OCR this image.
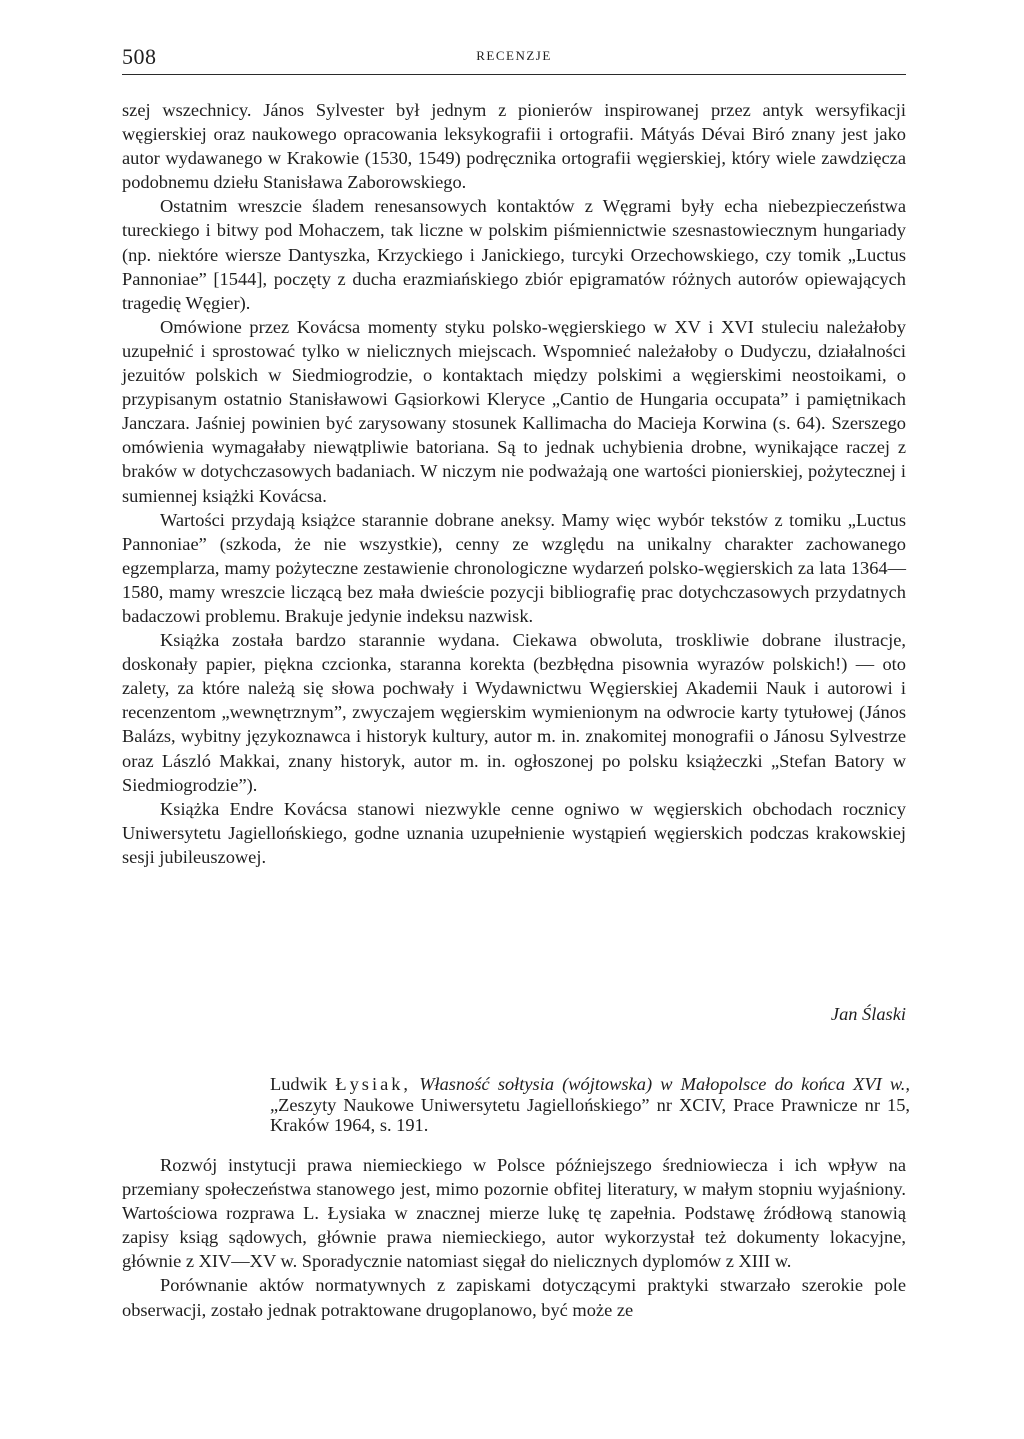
508	RECENZJE

szej wszechnicy. János Sylvester był jednym z pionierów inspirowanej przez antyk wersyfikacji węgierskiej oraz naukowego opracowania leksykografii i ortografii. Mátyás Dévai Biró znany jest jako autor wydawanego w Krakowie (1530, 1549) podręcznika ortografii węgierskiej, który wiele zawdzięcza podobnemu dziełu Stanisława Zaborowskiego.

Ostatnim wreszcie śladem renesansowych kontaktów z Węgrami były echa niebezpieczeństwa tureckiego i bitwy pod Mohaczem, tak liczne w polskim piśmiennictwie szesnastowiecznym hungariady (np. niektóre wiersze Dantyszka, Krzyckiego i Janickiego, turcyki Orzechowskiego, czy tomik „Luctus Pannoniae” [1544], poczęty z ducha erazmiańskiego zbiór epigramatów różnych autorów opiewających tragedię Węgier).

Omówione przez Kovácsa momenty styku polsko-węgierskiego w XV i XVI stuleciu należałoby uzupełnić i sprostować tylko w nielicznych miejscach. Wspomnieć należałoby o Dudyczu, działalności jezuitów polskich w Siedmiogrodzie, o kontaktach między polskimi a węgierskimi neostoikami, o przypisanym ostatnio Stanisławowi Gąsiorkowi Kleryce „Cantio de Hungaria occupata” i pamiętnikach Janczara. Jaśniej powinien być zarysowany stosunek Kallimacha do Macieja Korwina (s. 64). Szerszego omówienia wymagałaby niewątpliwie batoriana. Są to jednak uchybienia drobne, wynikające raczej z braków w dotychczasowych badaniach. W niczym nie podważają one wartości pionierskiej, pożytecznej i sumiennej książki Kovácsa.

Wartości przydają książce starannie dobrane aneksy. Mamy więc wybór tekstów z tomiku „Luctus Pannoniae” (szkoda, że nie wszystkie), cenny ze względu na unikalny charakter zachowanego egzemplarza, mamy pożyteczne zestawienie chronologiczne wydarzeń polsko-węgierskich za lata 1364—1580, mamy wreszcie liczącą bez mała dwieście pozycji bibliografię prac dotychczasowych przydatnych badaczowi problemu. Brakuje jedynie indeksu nazwisk.

Książka została bardzo starannie wydana. Ciekawa obwoluta, troskliwie dobrane ilustracje, doskonały papier, piękna czcionka, staranna korekta (bezbłędna pisownia wyrazów polskich!) — oto zalety, za które należą się słowa pochwały i Wydawnictwu Węgierskiej Akademii Nauk i autorowi i recenzentom „wewnętrznym”, zwyczajem węgierskim wymienionym na odwrocie karty tytułowej (János Balázs, wybitny językoznawca i historyk kultury, autor m. in. znakomitej monografii o Jánosu Sylvestrze oraz László Makkai, znany historyk, autor m. in. ogłoszonej po polsku książeczki „Stefan Batory w Siedmiogrodzie”).

Książka Endre Kovácsa stanowi niezwykle cenne ogniwo w węgierskich obchodach rocznicy Uniwersytetu Jagiellońskiego, godne uznania uzupełnienie wystąpień węgierskich podczas krakowskiej sesji jubileuszowej.

Jan Ślaski
Ludwik Łysiak, Własność sołtysia (wójtowska) w Małopolsce do końca XVI w., „Zeszyty Naukowe Uniwersytetu Jagiellońskiego” nr XCIV, Prace Prawnicze nr 15, Kraków 1964, s. 191.

Rozwój instytucji prawa niemieckiego w Polsce późniejszego średniowiecza i ich wpływ na przemiany społeczeństwa stanowego jest, mimo pozornie obfitej literatury, w małym stopniu wyjaśniony. Wartościowa rozprawa L. Łysiaka w znacznej mierze lukę tę zapełnia. Podstawę źródłową stanowią zapisy ksiąg sądowych, głównie prawa niemieckiego, autor wykorzystał też dokumenty lokacyjne, głównie z XIV—XV w. Sporadycznie natomiast sięgał do nielicznych dyplomów z XIII w.

Porównanie aktów normatywnych z zapiskami dotyczącymi praktyki stwarzało szerokie pole obserwacji, zostało jednak potraktowane drugoplanowo, być może ze
